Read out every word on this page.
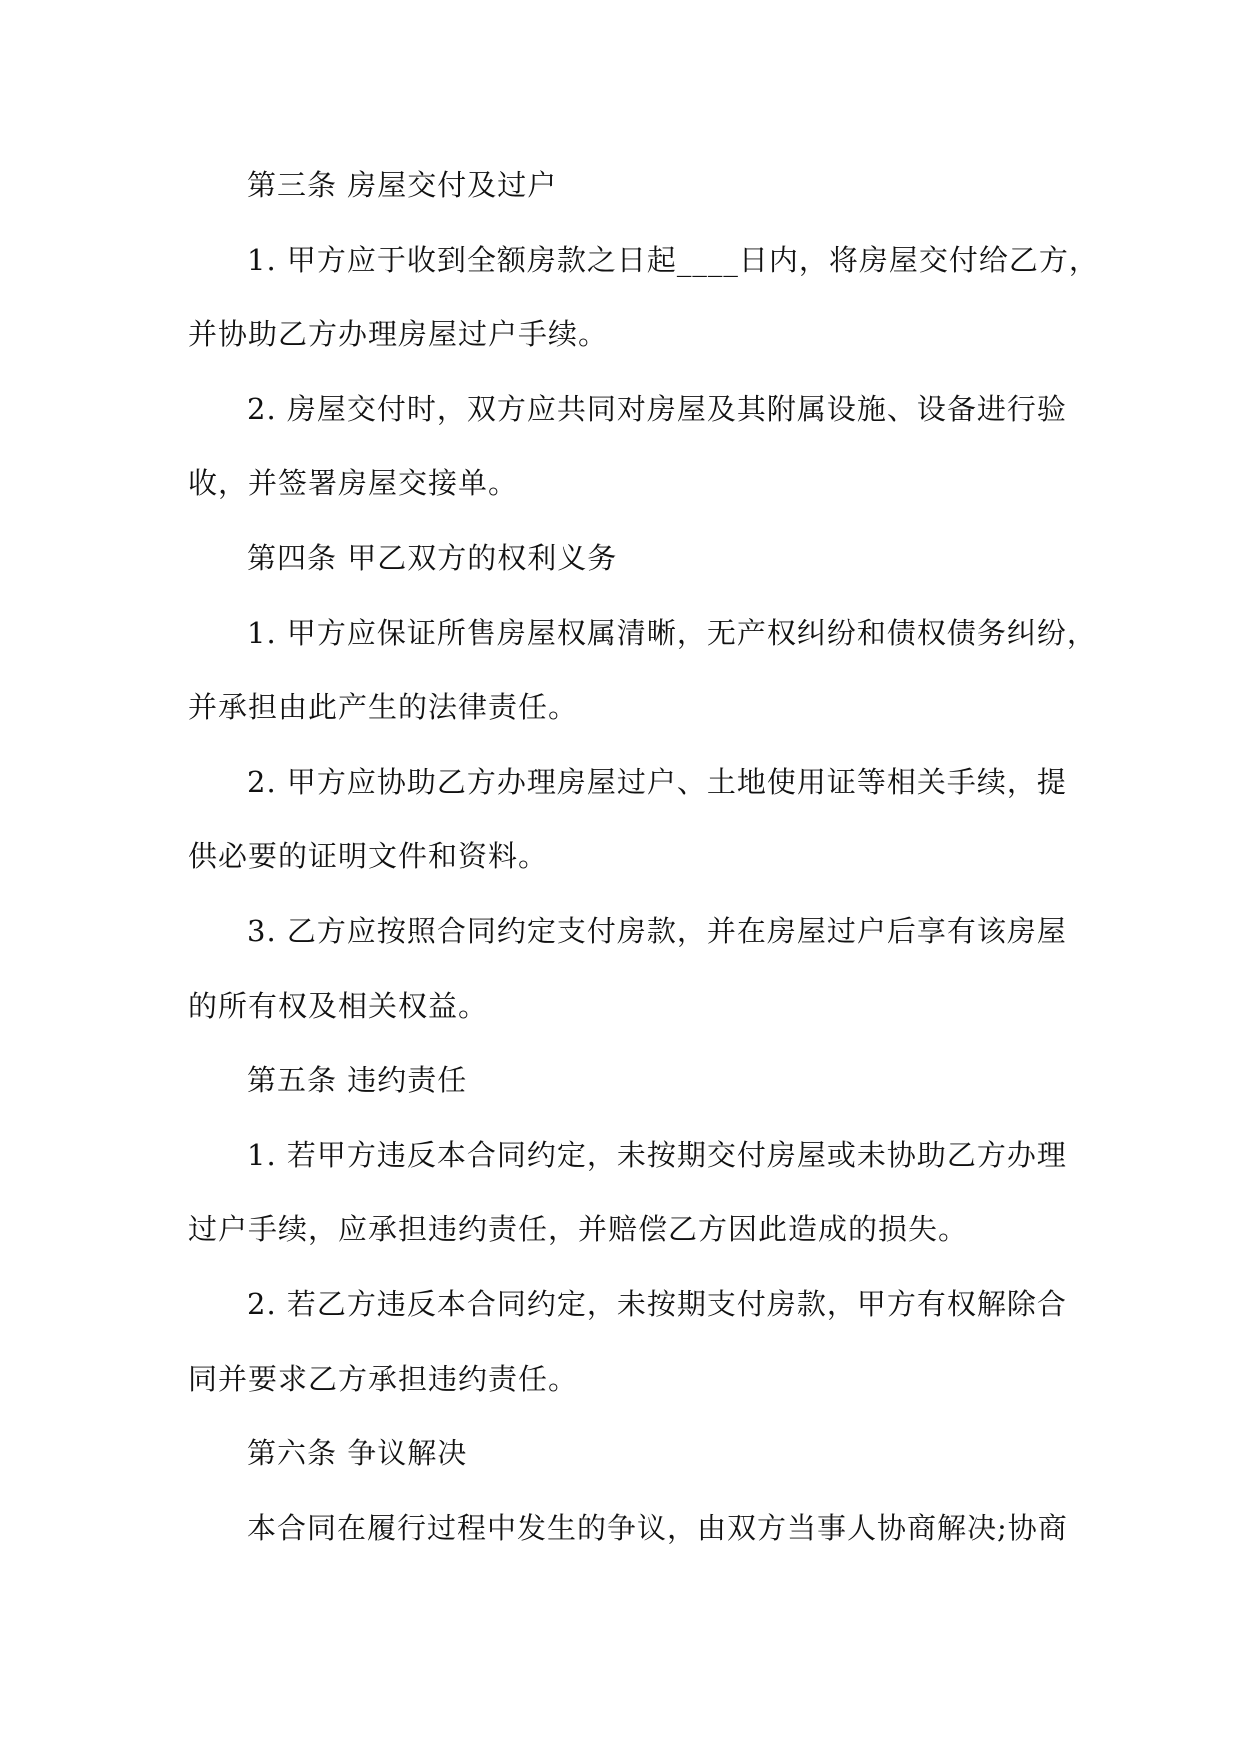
第三条 房屋交付及过户
1. 甲方应于收到全额房款之日起____日内，将房屋交付给乙方，
并协助乙方办理房屋过户手续。
2. 房屋交付时，双方应共同对房屋及其附属设施、设备进行验
收，并签署房屋交接单。
第四条 甲乙双方的权利义务
1. 甲方应保证所售房屋权属清晰，无产权纠纷和债权债务纠纷，
并承担由此产生的法律责任。
2. 甲方应协助乙方办理房屋过户、土地使用证等相关手续，提
供必要的证明文件和资料。
3. 乙方应按照合同约定支付房款，并在房屋过户后享有该房屋
的所有权及相关权益。
第五条 违约责任
1. 若甲方违反本合同约定，未按期交付房屋或未协助乙方办理
过户手续，应承担违约责任，并赔偿乙方因此造成的损失。
2. 若乙方违反本合同约定，未按期支付房款，甲方有权解除合
同并要求乙方承担违约责任。
第六条 争议解决
本合同在履行过程中发生的争议，由双方当事人协商解决;协商
